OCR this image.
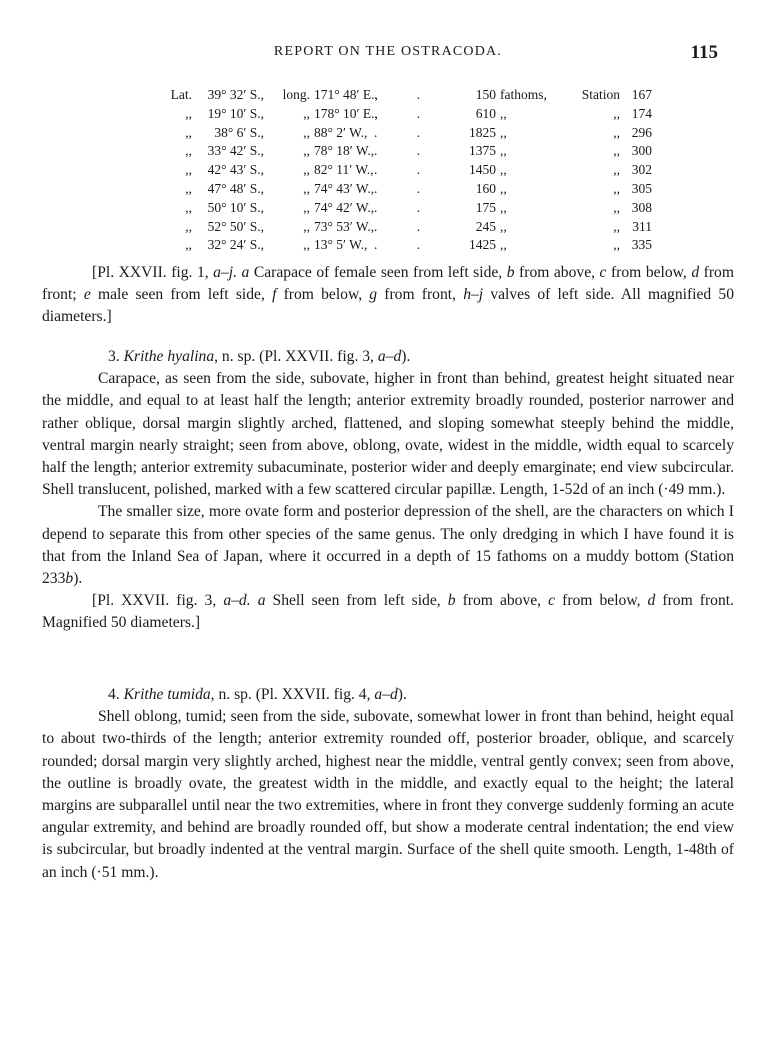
REPORT ON THE OSTRACODA.	115
Lat.	39° 32′ S.,	long. 171° 48′ E.,	150 fathoms,	Station 167
. .
,,	19° 10′ S.,	,, 178° 10′ E.,	610 ,,	,, 174
. .
,,	38° 6′ S.,	,, 88° 2′ W.,	1825 ,,	,, 296
. .
,,	33° 42′ S.,	,, 78° 18′ W.,	1375 ,,	,, 300
. .
,,	42° 43′ S.,	,, 82° 11′ W.,	1450 ,,	,, 302
. .
,,	47° 48′ S.,	,, 74° 43′ W.,	160 ,,	,, 305
. .
,,	50° 10′ S.,	,, 74° 42′ W.,	175 ,,	,, 308
. .
,,	52° 50′ S.,	,, 73° 53′ W.,	245 ,,	,, 311
. .
,,	32° 24′ S.,	,, 13° 5′ W.,	1425 ,,	,, 335
. .

[Pl. XXVII. fig. 1, a–j. a Carapace of female seen from left side, b from above, c from below, d from front; e male seen from left side, f from below, g from front, h–j valves of left side. All magnified 50 diameters.]

3. Krithe hyalina, n. sp. (Pl. XXVII. fig. 3, a–d).

Carapace, as seen from the side, subovate, higher in front than behind, greatest height situated near the middle, and equal to at least half the length; anterior extremity broadly rounded, posterior narrower and rather oblique, dorsal margin slightly arched, flattened, and sloping somewhat steeply behind the middle, ventral margin nearly straight; seen from above, oblong, ovate, widest in the middle, width equal to scarcely half the length; anterior extremity subacuminate, posterior wider and deeply emarginate; end view subcircular. Shell translucent, polished, marked with a few scattered circular papillæ. Length, 1-52d of an inch (·49 mm.).

The smaller size, more ovate form and posterior depression of the shell, are the characters on which I depend to separate this from other species of the same genus. The only dredging in which I have found it is that from the Inland Sea of Japan, where it occurred in a depth of 15 fathoms on a muddy bottom (Station 233b).

[Pl. XXVII. fig. 3, a–d. a Shell seen from left side, b from above, c from below, d from front. Magnified 50 diameters.]

4. Krithe tumida, n. sp. (Pl. XXVII. fig. 4, a–d).

Shell oblong, tumid; seen from the side, subovate, somewhat lower in front than behind, height equal to about two-thirds of the length; anterior extremity rounded off, posterior broader, oblique, and scarcely rounded; dorsal margin very slightly arched, highest near the middle, ventral gently convex; seen from above, the outline is broadly ovate, the greatest width in the middle, and exactly equal to the height; the lateral margins are subparallel until near the two extremities, where in front they converge suddenly forming an acute angular extremity, and behind are broadly rounded off, but show a moderate central indentation; the end view is subcircular, but broadly indented at the ventral margin. Surface of the shell quite smooth. Length, 1-48th of an inch (·51 mm.).
